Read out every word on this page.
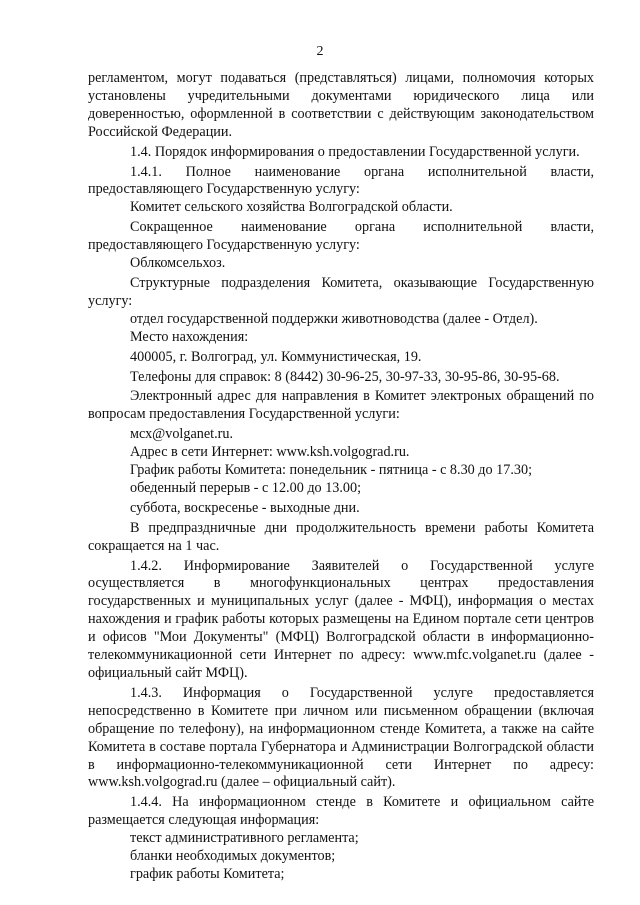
2

регламентом, могут подаваться (представляться) лицами, полномочия которых установлены учредительными документами юридического лица или доверенностью, оформленной в соответствии с действующим законодательством Российской Федерации.

1.4. Порядок информирования о предоставлении Государственной услуги.

1.4.1. Полное наименование органа исполнительной власти, предоставляющего Государственную услугу:

Комитет сельского хозяйства Волгоградской области.

Сокращенное наименование органа исполнительной власти, предоставляющего Государственную услугу:

Облкомсельхоз.

Структурные подразделения Комитета, оказывающие Государственную услугу:

отдел государственной поддержки животноводства (далее - Отдел).

Место нахождения:

400005, г. Волгоград, ул. Коммунистическая, 19.

Телефоны для справок: 8 (8442) 30-96-25, 30-97-33, 30-95-86, 30-95-68.

Электронный адрес для направления в Комитет электроных обращений по вопросам предоставления Государственной услуги:

мсх@volganet.ru.

Адрес в сети Интернет: www.ksh.volgograd.ru.

График работы Комитета: понедельник - пятница - с 8.30 до 17.30;

обеденный перерыв - с 12.00 до 13.00;

суббота, воскресенье - выходные дни.

В предпраздничные дни продолжительность времени работы Комитета сокращается на 1 час.

1.4.2. Информирование Заявителей о Государственной услуге осуществляется в многофункциональных центрах предоставления государственных и муниципальных услуг (далее - МФЦ), информация о местах нахождения и график работы которых размещены на Едином портале сети центров и офисов "Мои Документы" (МФЦ) Волгоградской области в информационно-телекоммуникационной сети Интернет по адресу: www.mfc.volganet.ru (далее - официальный сайт МФЦ).

1.4.3. Информация о Государственной услуге предоставляется непосредственно в Комитете при личном или письменном обращении (включая обращение по телефону), на информационном стенде Комитета, а также на сайте Комитета в составе портала Губернатора и Администрации Волгоградской области в информационно-телекоммуникационной сети Интернет по адресу: www.ksh.volgograd.ru (далее – официальный сайт).

1.4.4. На информационном стенде в Комитете и официальном сайте размещается следующая информация:

текст административного регламента;

бланки необходимых документов;

график работы Комитета;
